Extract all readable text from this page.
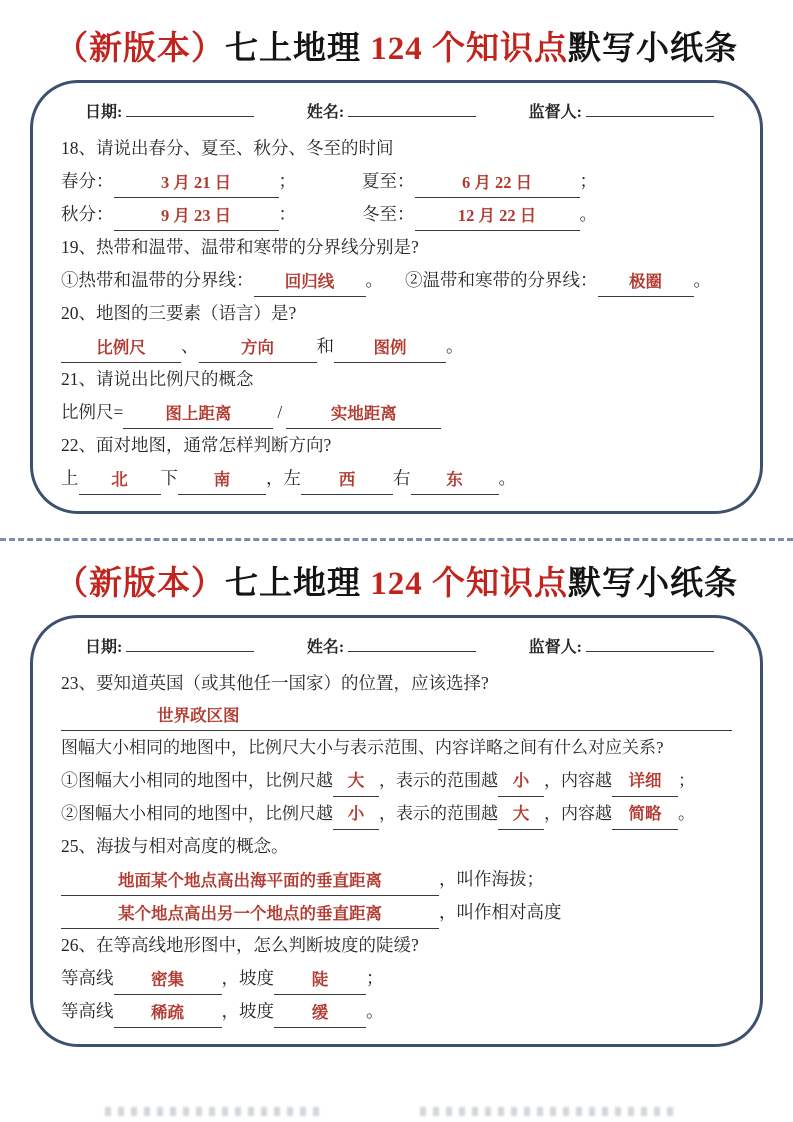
（新版本）七上地理 124 个知识点默写小纸条
日期:	姓名:	监督人:
18、请说出春分、夏至、秋分、冬至的时间
春分：	3 月 21 日	；	夏至：	6 月 22 日	；
秋分：	9 月 23 日	：	冬至：	12 月 22 日 。
19、热带和温带、温带和寒带的分界线分别是?
①热带和温带的分界线： 回归线 。 ②温带和寒带的分界线： 极圈 。
20、地图的三要素（语言）是?
比例尺 、	方向 和 图例 。
21、请说出比例尺的概念
比例尺=	图上距离	/	实地距离
22、面对地图，通常怎样判断方向?
上 北 下 南 ，左 西 右 东 。
（新版本）七上地理 124 个知识点默写小纸条
日期:	姓名:	监督人:
23、要知道英国（或其他任一国家）的位置，应该选择?
世界政区图
图幅大小相同的地图中，比例尺大小与表示范围、内容详略之间有什么对应关系?
①图幅大小相同的地图中，比例尺越 大 ，表示的范围越 小 ，内容越 详细 ；
②图幅大小相同的地图中，比例尺越 小 ，表示的范围越 大 ，内容越 简略 。
25、海拔与相对高度的概念。
地面某个地点高出海平面的垂直距离	，叫作海拔；
某个地点高出另一个地点的垂直距离	，叫作相对高度
26、在等高线地形图中，怎么判断坡度的陡缓?
等高线 密集 ，坡度 陡 ；
等高线 稀疏 ，坡度 缓 。
